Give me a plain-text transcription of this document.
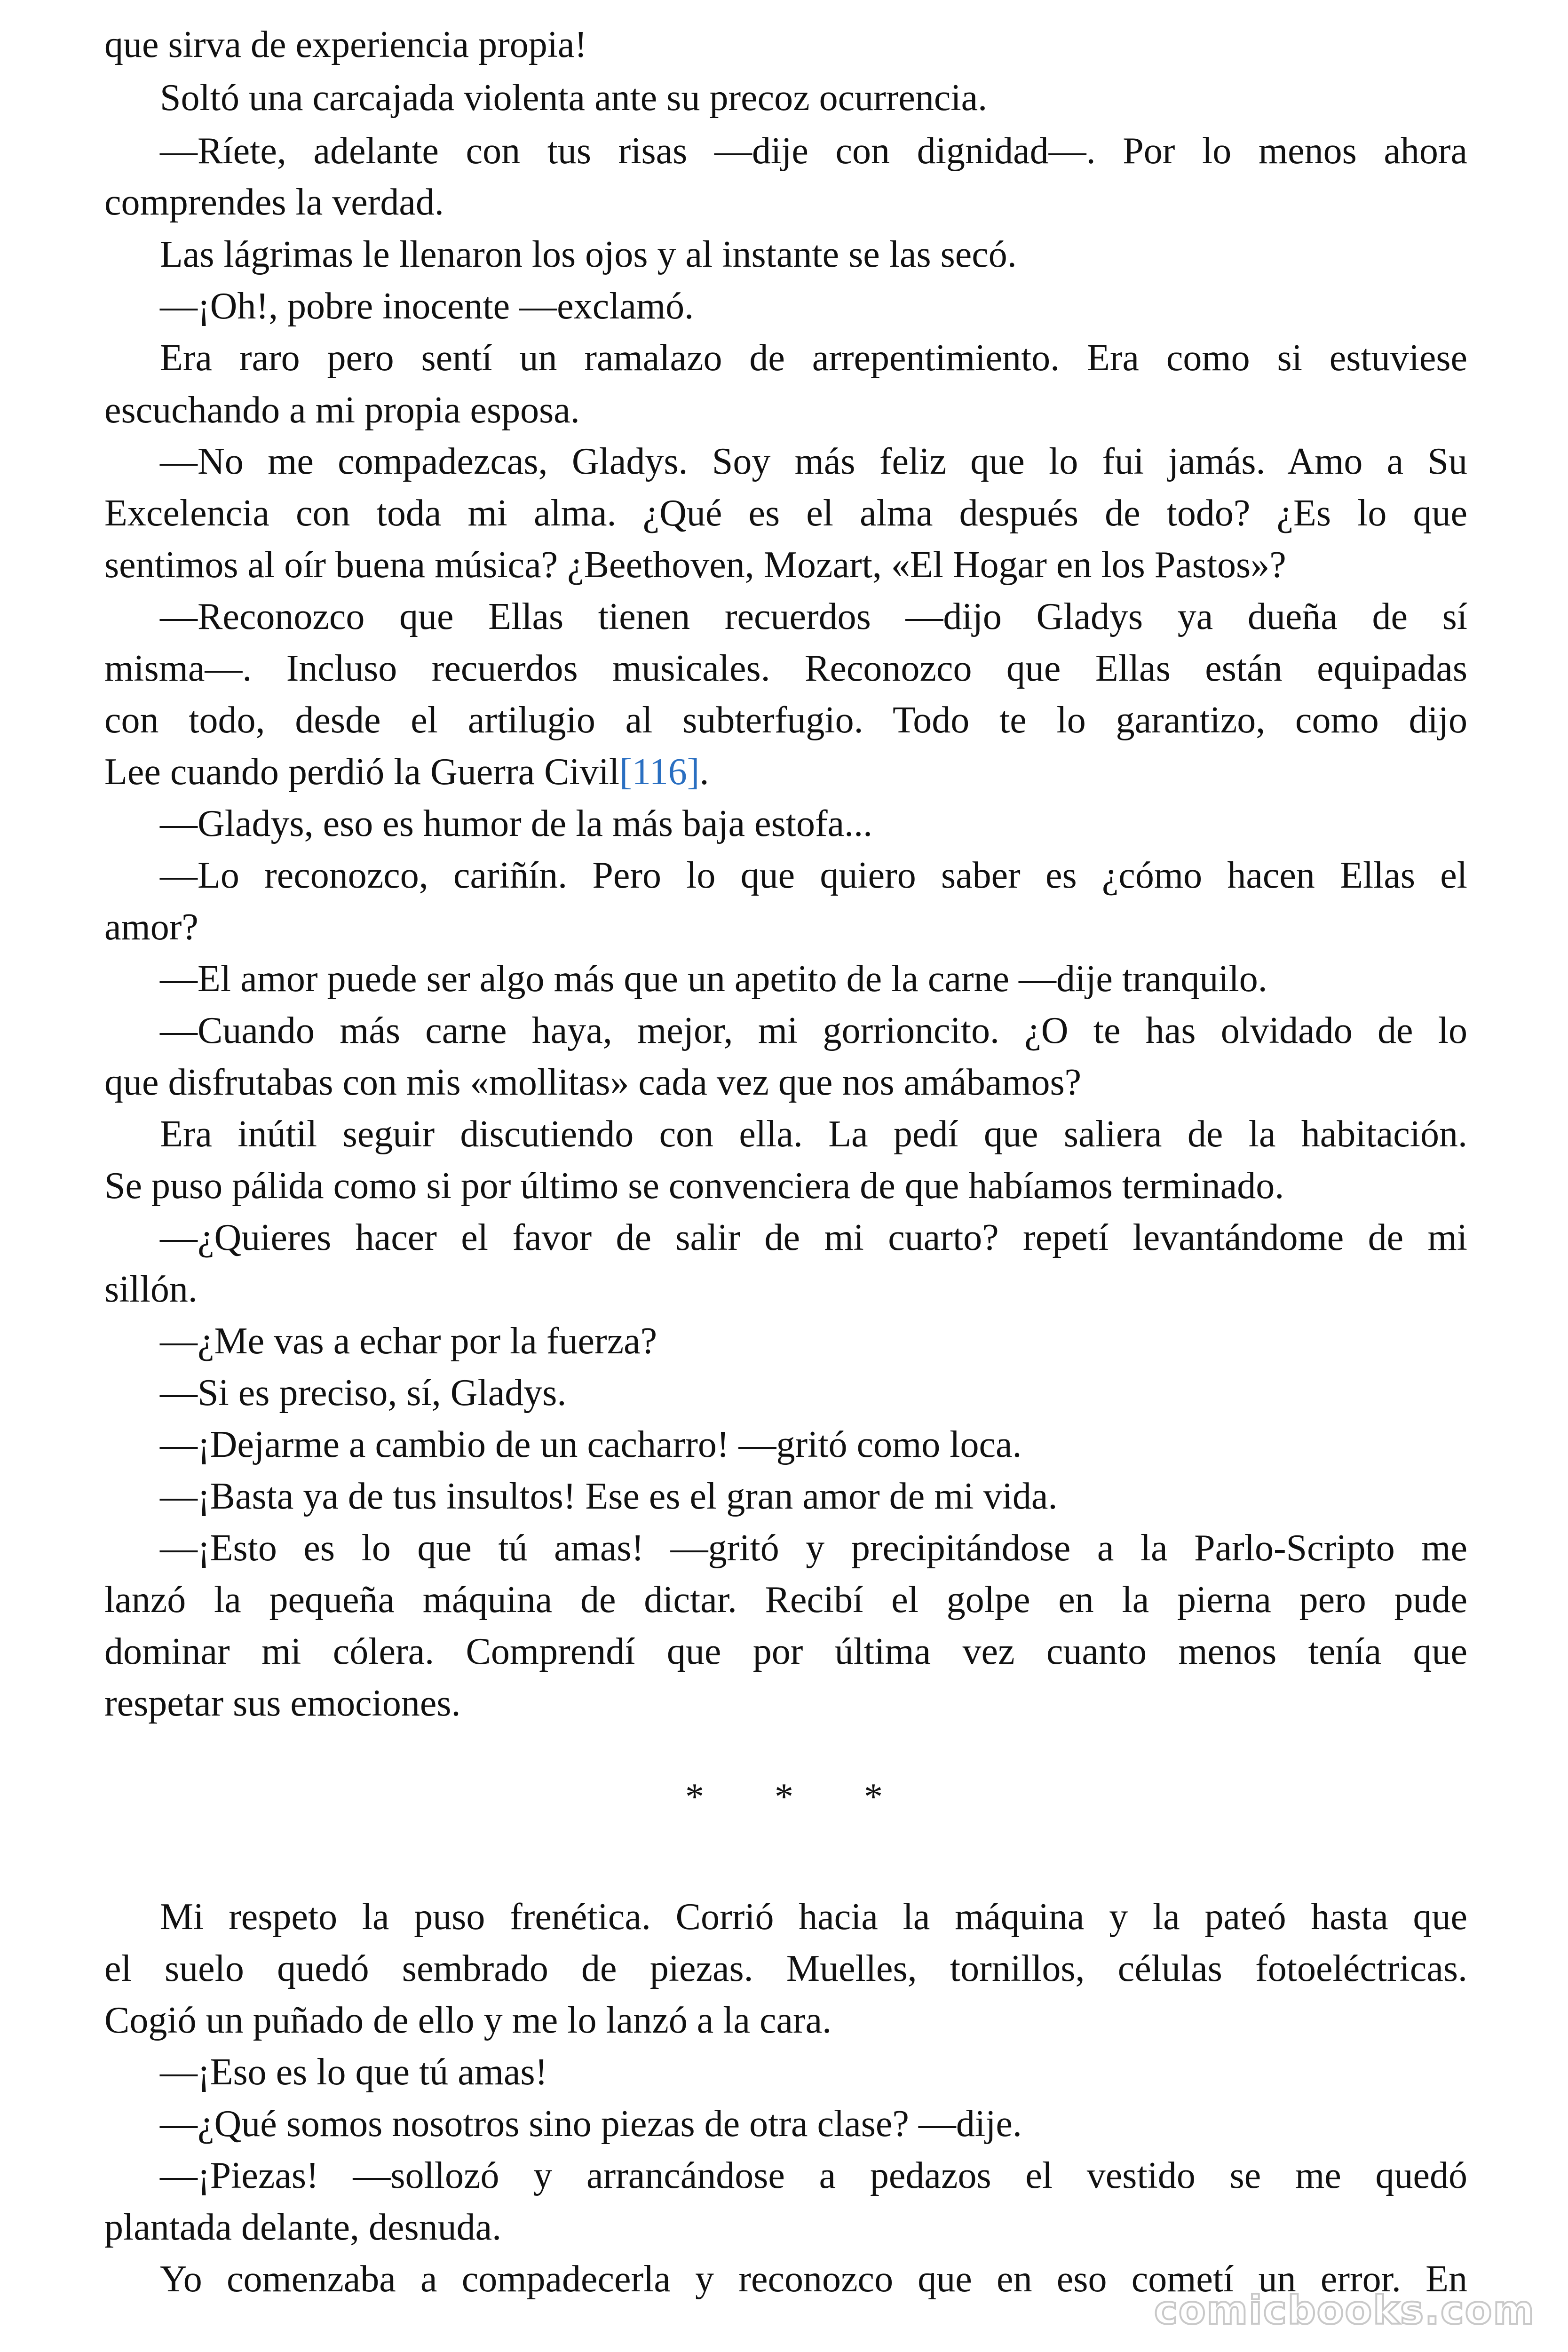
que sirva de experiencia propia!
Soltó una carcajada violenta ante su precoz ocurrencia.
—Ríete, adelante con tus risas —dije con dignidad—. Por lo menos ahora
comprendes la verdad.
Las lágrimas le llenaron los ojos y al instante se las secó.
—¡Oh!, pobre inocente —exclamó.
Era raro pero sentí un ramalazo de arrepentimiento. Era como si estuviese
escuchando a mi propia esposa.
—No me compadezcas, Gladys. Soy más feliz que lo fui jamás. Amo a Su
Excelencia con toda mi alma. ¿Qué es el alma después de todo? ¿Es lo que
sentimos al oír buena música? ¿Beethoven, Mozart, «El Hogar en los Pastos»?
—Reconozco que Ellas tienen recuerdos —dijo Gladys ya dueña de sí
misma—. Incluso recuerdos musicales. Reconozco que Ellas están equipadas
con todo, desde el artilugio al subterfugio. Todo te lo garantizo, como dijo
Lee cuando perdió la Guerra Civil[116].
—Gladys, eso es humor de la más baja estofa...
—Lo reconozco, cariñín. Pero lo que quiero saber es ¿cómo hacen Ellas el
amor?
—El amor puede ser algo más que un apetito de la carne —dije tranquilo.
—Cuando más carne haya, mejor, mi gorrioncito. ¿O te has olvidado de lo
que disfrutabas con mis «mollitas» cada vez que nos amábamos?
Era inútil seguir discutiendo con ella. La pedí que saliera de la habitación.
Se puso pálida como si por último se convenciera de que habíamos terminado.
—¿Quieres hacer el favor de salir de mi cuarto? repetí levantándome de mi
sillón.
—¿Me vas a echar por la fuerza?
—Si es preciso, sí, Gladys.
—¡Dejarme a cambio de un cacharro! —gritó como loca.
—¡Basta ya de tus insultos! Ese es el gran amor de mi vida.
—¡Esto es lo que tú amas! —gritó y precipitándose a la Parlo-Scripto me
lanzó la pequeña máquina de dictar. Recibí el golpe en la pierna pero pude
dominar mi cólera. Comprendí que por última vez cuanto menos tenía que
respetar sus emociones.
Mi respeto la puso frenética. Corrió hacia la máquina y la pateó hasta que
el suelo quedó sembrado de piezas. Muelles, tornillos, células fotoeléctricas.
Cogió un puñado de ello y me lo lanzó a la cara.
—¡Eso es lo que tú amas!
—¿Qué somos nosotros sino piezas de otra clase? —dije.
—¡Piezas! —sollozó y arrancándose a pedazos el vestido se me quedó
plantada delante, desnuda.
Yo comenzaba a compadecerla y reconozco que en eso cometí un error. En
* * *
comicbooks.com
